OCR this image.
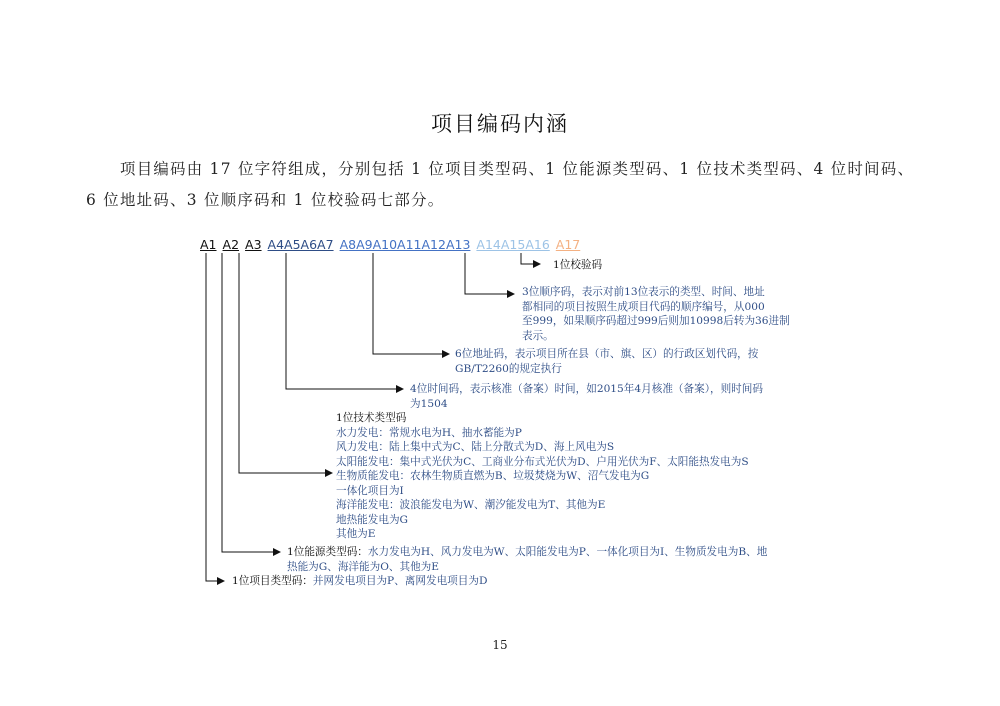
项目编码内涵
项目编码由 17 位字符组成，分别包括 1 位项目类型码、1 位能源类型码、1 位技术类型码、4 位时间码、
6 位地址码、3 位顺序码和 1 位校验码七部分。
A1 A2 A3 A4A5A6A7 A8A9A10A11A12A13 A14A15A16 A17
1位校验码
3位顺序码，表示对前13位表示的类型、时间、地址
都相同的项目按照生成项目代码的顺序编号，从000
至999，如果顺序码超过999后则加10998后转为36进制
表示。
6位地址码，表示项目所在县（市、旗、区）的行政区划代码，按
GB/T2260的规定执行
4位时间码，表示核准（备案）时间，如2015年4月核准（备案），则时间码
为1504
1位技术类型码
水力发电：常规水电为H、抽水蓄能为P
风力发电：陆上集中式为C、陆上分散式为D、海上风电为S
太阳能发电：集中式光伏为C、工商业分布式光伏为D、户用光伏为F、太阳能热发电为S
生物质能发电：农林生物质直燃为B、垃圾焚烧为W、沼气发电为G
一体化项目为I
海洋能发电：波浪能发电为W、潮汐能发电为T、其他为E
地热能发电为G
其他为E
1位能源类型码：水力发电为H、风力发电为W、太阳能发电为P、一体化项目为I、生物质发电为B、地
热能为G、海洋能为O、其他为E
1位项目类型码：并网发电项目为P、离网发电项目为D
15
